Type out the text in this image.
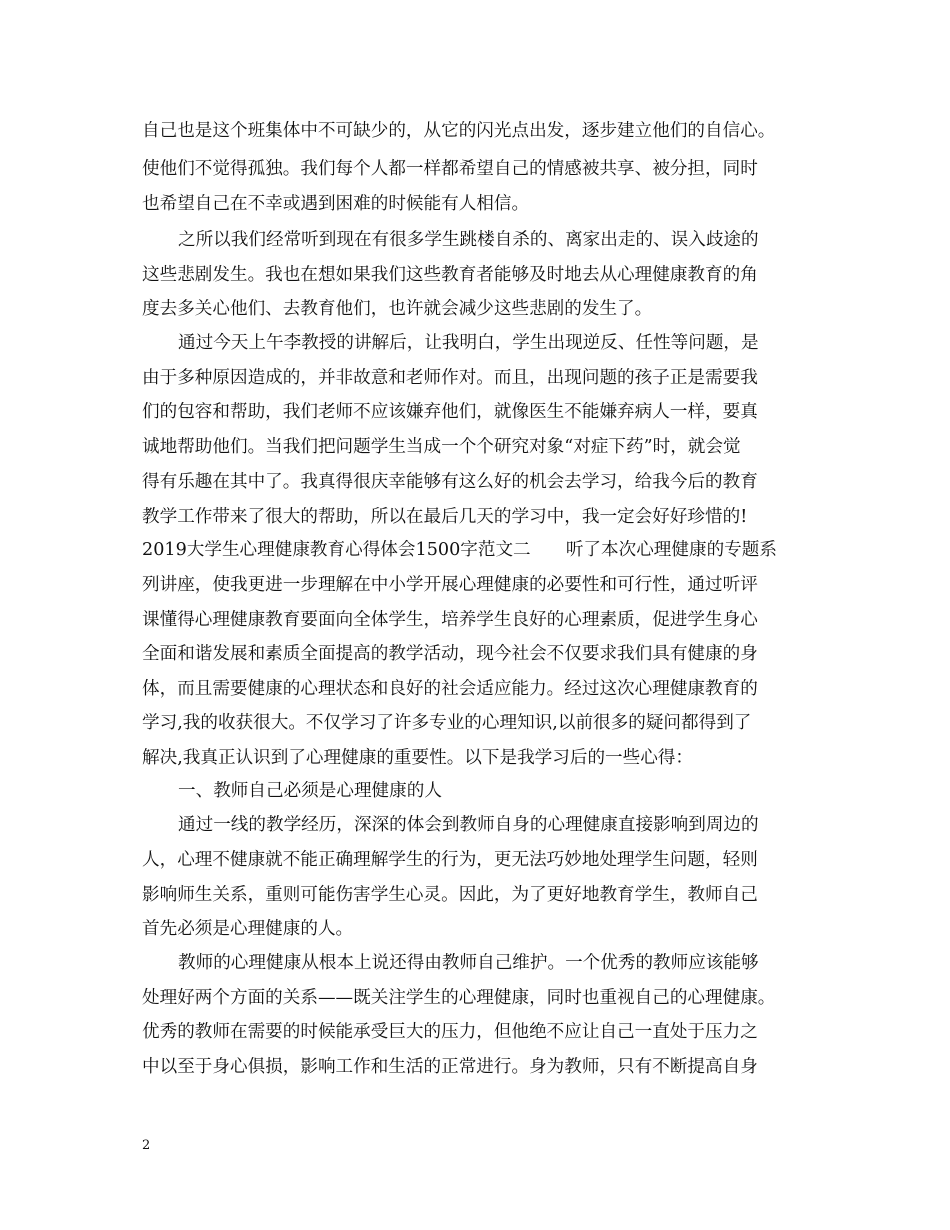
自己也是这个班集体中不可缺少的，从它的闪光点出发，逐步建立他们的自信心。
使他们不觉得孤独。我们每个人都一样都希望自己的情感被共享、被分担，同时
也希望自己在不幸或遇到困难的时候能有人相信。
之所以我们经常听到现在有很多学生跳楼自杀的、离家出走的、误入歧途的
这些悲剧发生。我也在想如果我们这些教育者能够及时地去从心理健康教育的角
度去多关心他们、去教育他们，也许就会减少这些悲剧的发生了。
通过今天上午李教授的讲解后，让我明白，学生出现逆反、任性等问题，是
由于多种原因造成的，并非故意和老师作对。而且，出现问题的孩子正是需要我
们的包容和帮助，我们老师不应该嫌弃他们，就像医生不能嫌弃病人一样，要真
诚地帮助他们。当我们把问题学生当成一个个研究对象“对症下药”时，就会觉
得有乐趣在其中了。我真得很庆幸能够有这么好的机会去学习，给我今后的教育
教学工作带来了很大的帮助，所以在最后几天的学习中，我一定会好好珍惜的!
2019大学生心理健康教育心得体会1500字范文二　　听了本次心理健康的专题系
列讲座，使我更进一步理解在中小学开展心理健康的必要性和可行性，通过听评
课懂得心理健康教育要面向全体学生，培养学生良好的心理素质，促进学生身心
全面和谐发展和素质全面提高的教学活动，现今社会不仅要求我们具有健康的身
体，而且需要健康的心理状态和良好的社会适应能力。经过这次心理健康教育的
学习,我的收获很大。不仅学习了许多专业的心理知识,以前很多的疑问都得到了
解决,我真正认识到了心理健康的重要性。以下是我学习后的一些心得：
一、教师自己必须是心理健康的人
通过一线的教学经历，深深的体会到教师自身的心理健康直接影响到周边的
人，心理不健康就不能正确理解学生的行为，更无法巧妙地处理学生问题，轻则
影响师生关系，重则可能伤害学生心灵。因此，为了更好地教育学生，教师自己
首先必须是心理健康的人。
教师的心理健康从根本上说还得由教师自己维护。一个优秀的教师应该能够
处理好两个方面的关系——既关注学生的心理健康，同时也重视自己的心理健康。
优秀的教师在需要的时候能承受巨大的压力，但他绝不应让自己一直处于压力之
中以至于身心俱损，影响工作和生活的正常进行。身为教师，只有不断提高自身
2
